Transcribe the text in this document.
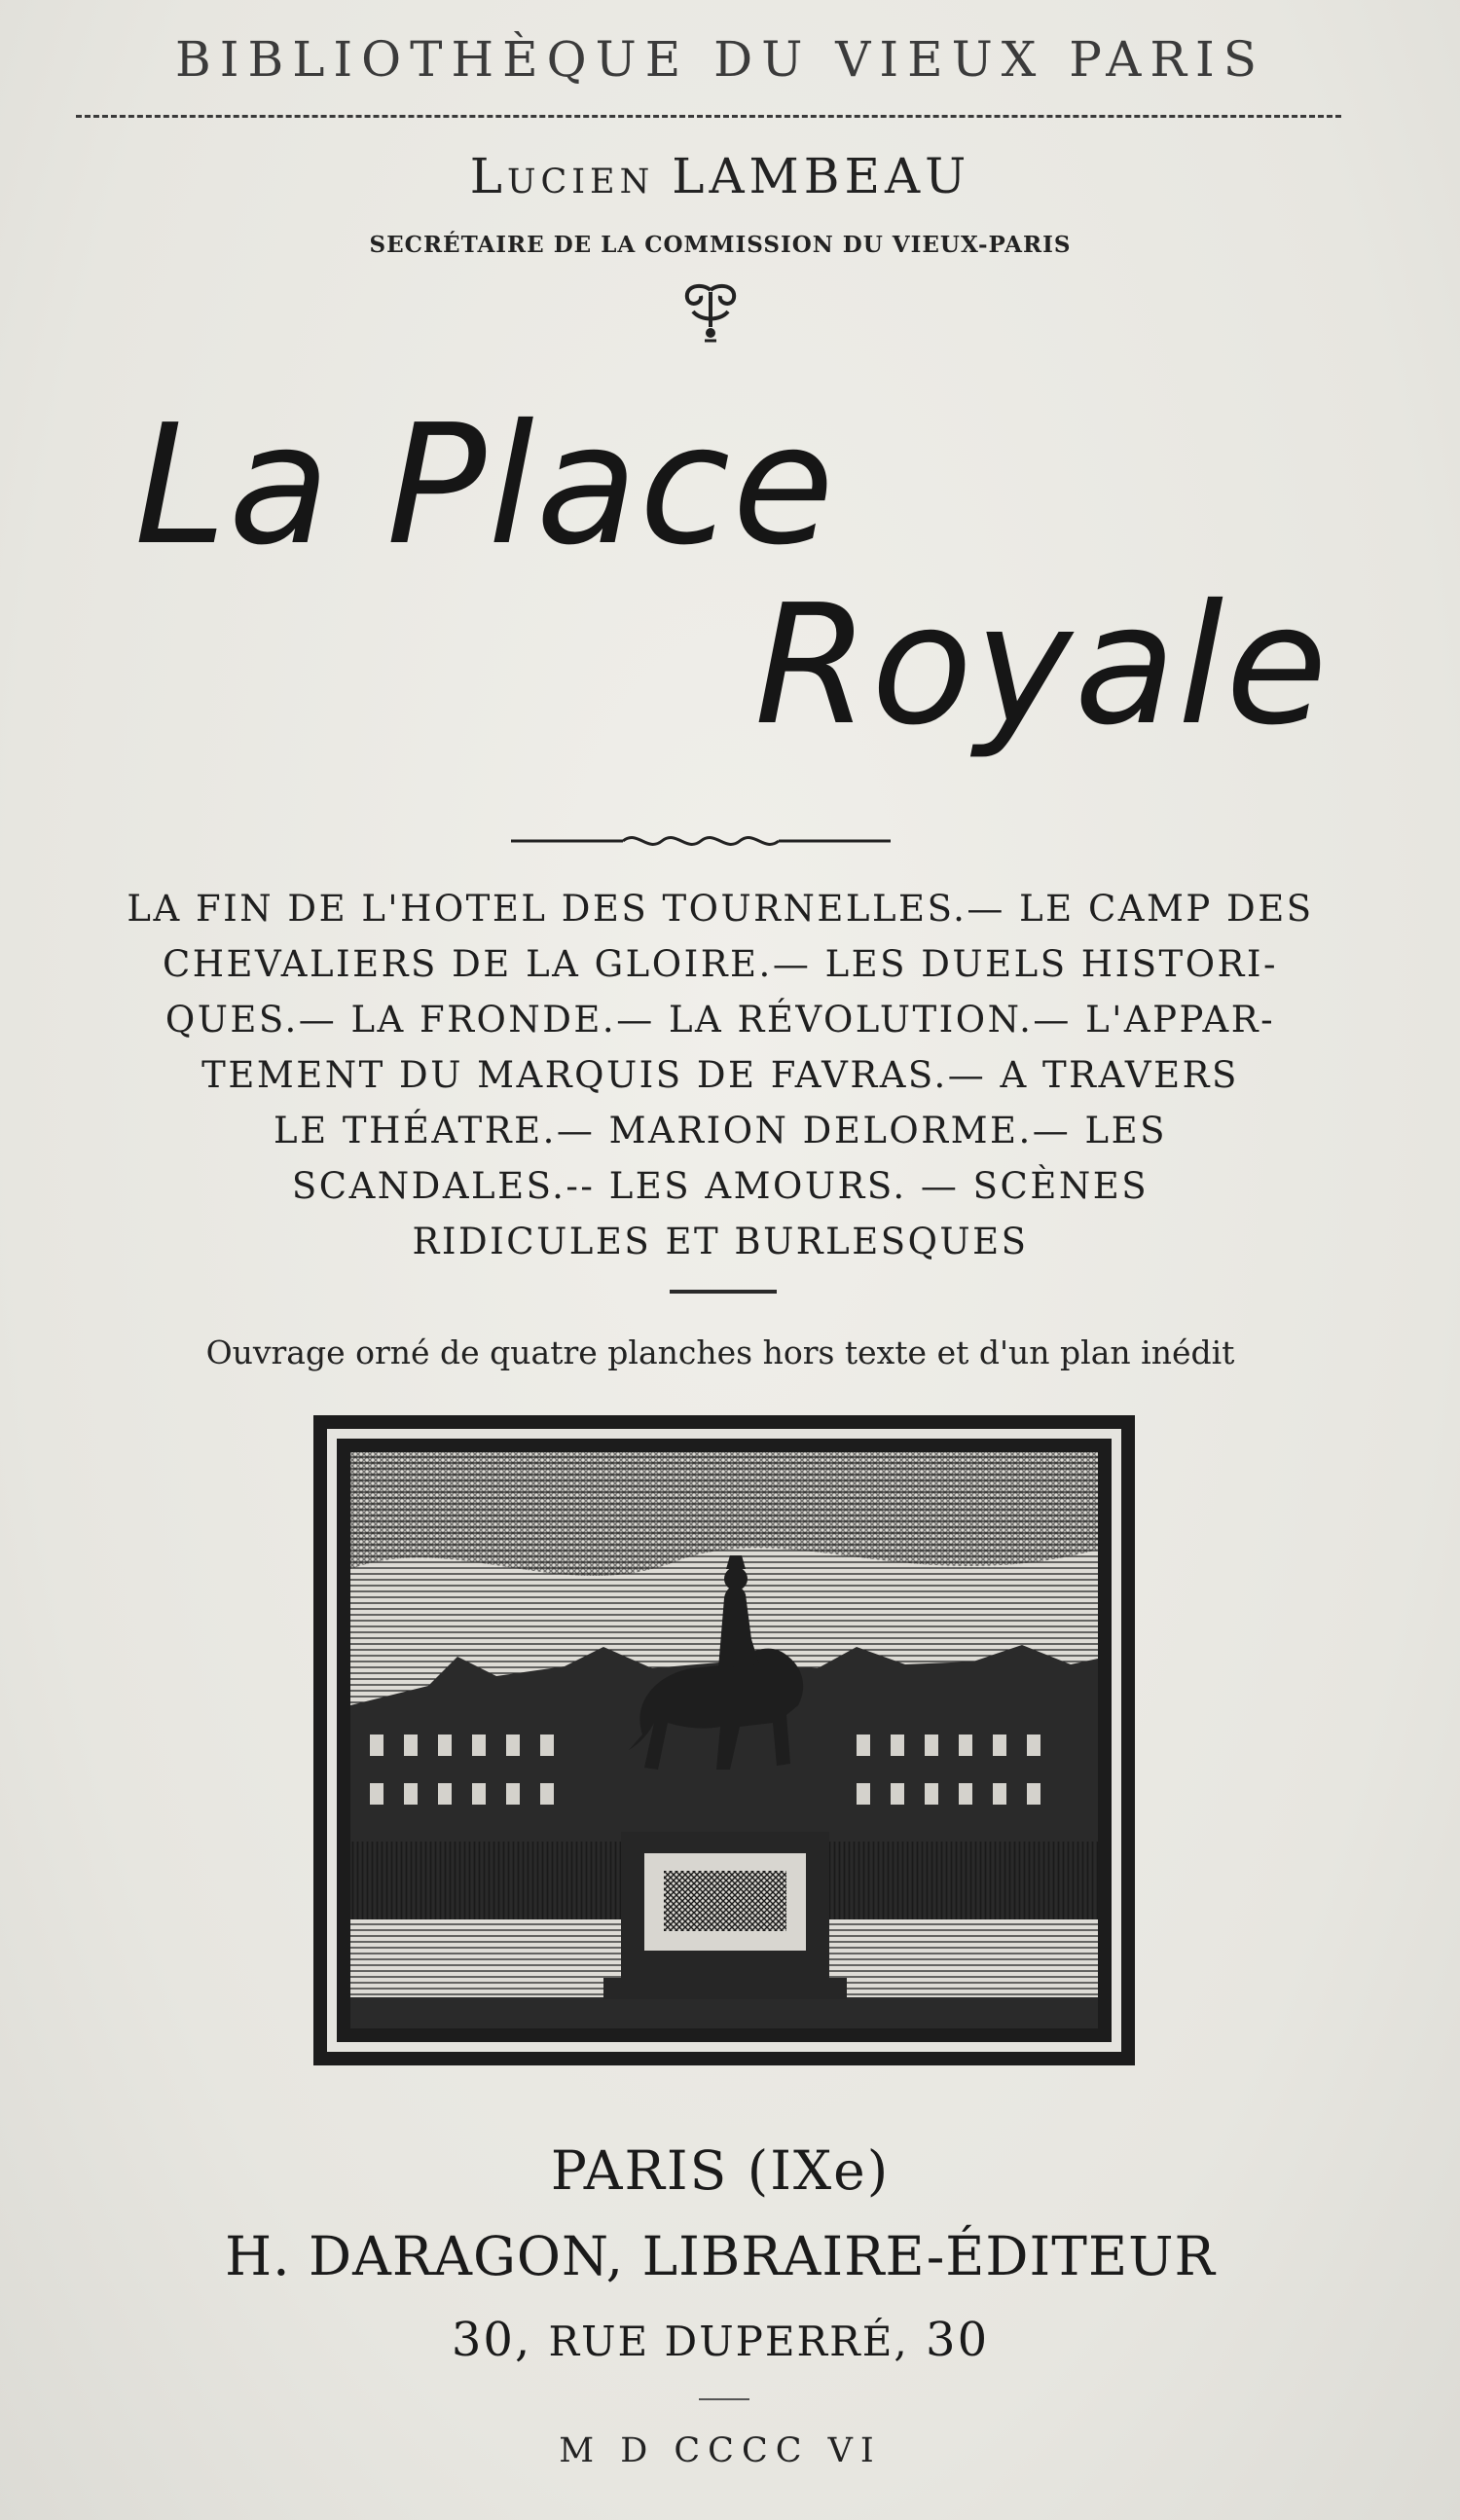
BIBLIOTHÈQUE DU VIEUX PARIS
Lucien LAMBEAU
SECRÉTAIRE DE LA COMMISSION DU VIEUX-PARIS
La Place
Royale
LA FIN DE L'HOTEL DES TOURNELLES.— LE CAMP DES
CHEVALIERS DE LA GLOIRE.— LES DUELS HISTORI-
QUES.— LA FRONDE.— LA RÉVOLUTION.— L'APPAR-
TEMENT DU MARQUIS DE FAVRAS.— A TRAVERS
LE THÉATRE.— MARION DELORME.— LES
SCANDALES.-- LES AMOURS. — SCÈNES
RIDICULES ET BURLESQUES
Ouvrage orné de quatre planches hors texte et d'un plan inédit
PARIS (IXe)
H. DARAGON, LIBRAIRE-ÉDITEUR
30, RUE DUPERRÉ, 30
M D CCCC VI
